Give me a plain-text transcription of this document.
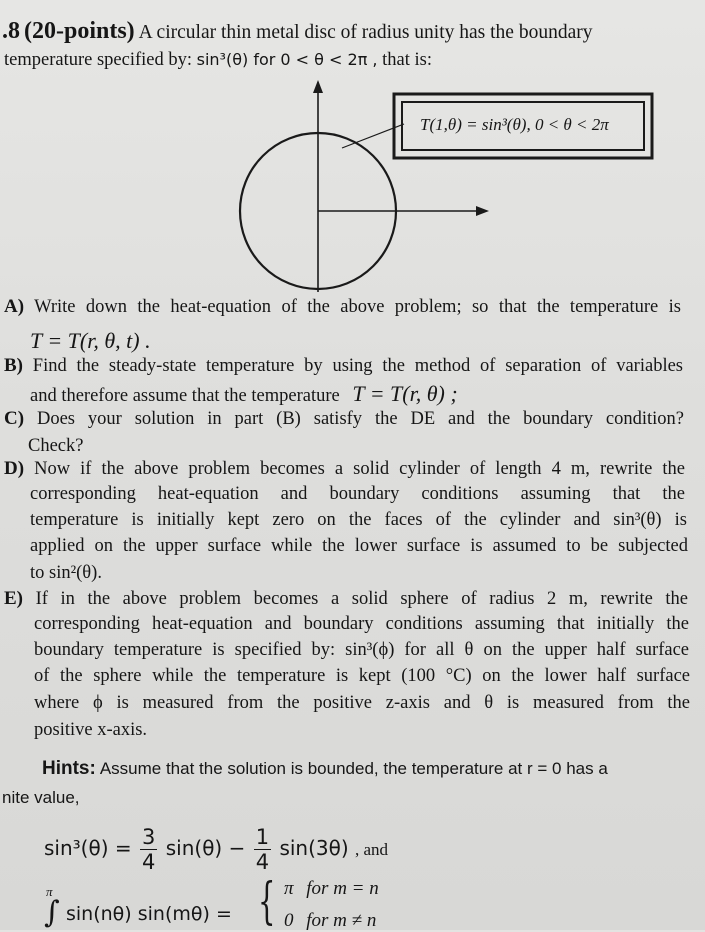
.8 (20-points) A circular thin metal disc of radius unity has the boundary
temperature specified by: sin³(θ) for 0 < θ < 2π , that is:
T(1,θ) = sin³(θ), 0 < θ < 2π
A) Write down the heat-equation of the above problem; so that the temperature is
T = T(r, θ, t) .
B) Find the steady-state temperature by using the method of separation of variables
and therefore assume that the temperature T = T(r, θ) ;
C) Does your solution in part (B) satisfy the DE and the boundary condition?
Check?
D) Now if the above problem becomes a solid cylinder of length 4 m, rewrite the
corresponding heat-equation and boundary conditions assuming that the
temperature is initially kept zero on the faces of the cylinder and sin³(θ) is
applied on the upper surface while the lower surface is assumed to be subjected
to sin²(θ).
E) If in the above problem becomes a solid sphere of radius 2 m, rewrite the
corresponding heat-equation and boundary conditions assuming that initially the
boundary temperature is specified by: sin³(ϕ) for all θ on the upper half surface
of the sphere while the temperature is kept (100 °C) on the lower half surface
where ϕ is measured from the positive z-axis and θ is measured from the
positive x-axis.
Hints: Assume that the solution is bounded, the temperature at r = 0 has a
nite value,
$\sin^3(\theta) = \frac{3}{4} \sin(\theta) - \frac{1}{4} \sin(3\theta)$ , and
π
∫ sin(nθ) sin(mθ) = { π for m = n
0 for m ≠ n
